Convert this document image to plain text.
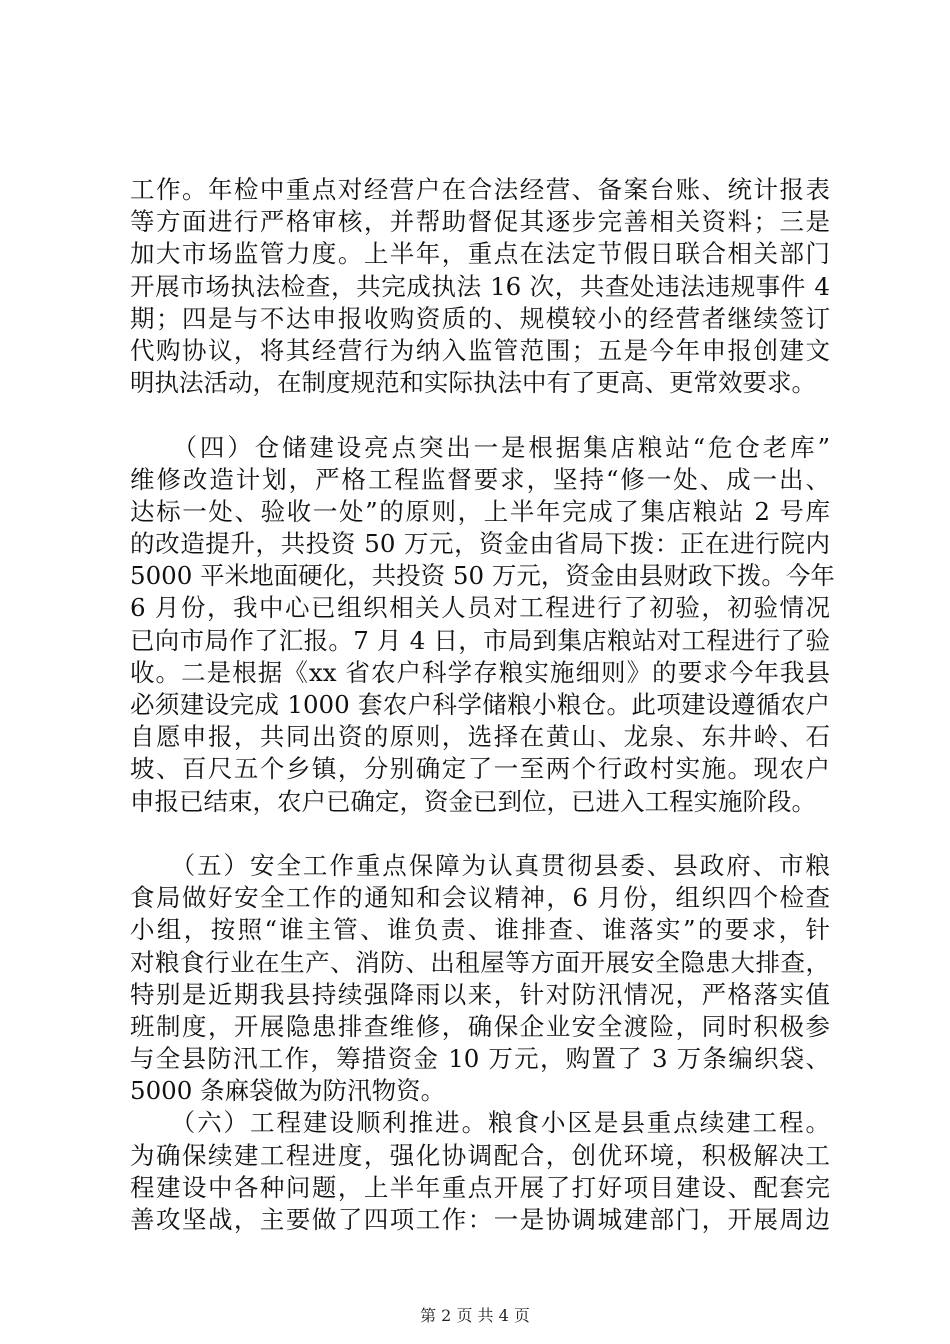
工作。年检中重点对经营户在合法经营、备案台账、统计报表
等方面进行严格审核，并帮助督促其逐步完善相关资料；三是
加大市场监管力度。上半年，重点在法定节假日联合相关部门
开展市场执法检查，共完成执法 16 次，共查处违法违规事件 4
期；四是与不达申报收购资质的、规模较小的经营者继续签订
代购协议，将其经营行为纳入监管范围；五是今年申报创建文
明执法活动，在制度规范和实际执法中有了更高、更常效要求。
　　（四）仓储建设亮点突出一是根据集店粮站“危仓老库”
维修改造计划，严格工程监督要求，坚持“修一处、成一出、
达标一处、验收一处”的原则，上半年完成了集店粮站 2 号库
的改造提升，共投资 50 万元，资金由省局下拨：正在进行院内
5000 平米地面硬化，共投资 50 万元，资金由县财政下拨。今年
6 月份，我中心已组织相关人员对工程进行了初验，初验情况
已向市局作了汇报。7 月 4 日，市局到集店粮站对工程进行了验
收。二是根据《xx 省农户科学存粮实施细则》的要求今年我县
必须建设完成 1000 套农户科学储粮小粮仓。此项建设遵循农户
自愿申报，共同出资的原则，选择在黄山、龙泉、东井岭、石
坡、百尺五个乡镇，分别确定了一至两个行政村实施。现农户
申报已结束，农户已确定，资金已到位，已进入工程实施阶段。
　　（五）安全工作重点保障为认真贯彻县委、县政府、市粮
食局做好安全工作的通知和会议精神，6 月份，组织四个检查
小组，按照“谁主管、谁负责、谁排查、谁落实”的要求，针
对粮食行业在生产、消防、出租屋等方面开展安全隐患大排查，
特别是近期我县持续强降雨以来，针对防汛情况，严格落实值
班制度，开展隐患排查维修，确保企业安全渡险，同时积极参
与全县防汛工作，筹措资金 10 万元，购置了 3 万条编织袋、
5000 条麻袋做为防汛物资。
　　（六）工程建设顺利推进。粮食小区是县重点续建工程。
为确保续建工程进度，强化协调配合，创优环境，积极解决工
程建设中各种问题，上半年重点开展了打好项目建设、配套完
善攻坚战，主要做了四项工作：一是协调城建部门，开展周边
第 2 页 共 4 页
